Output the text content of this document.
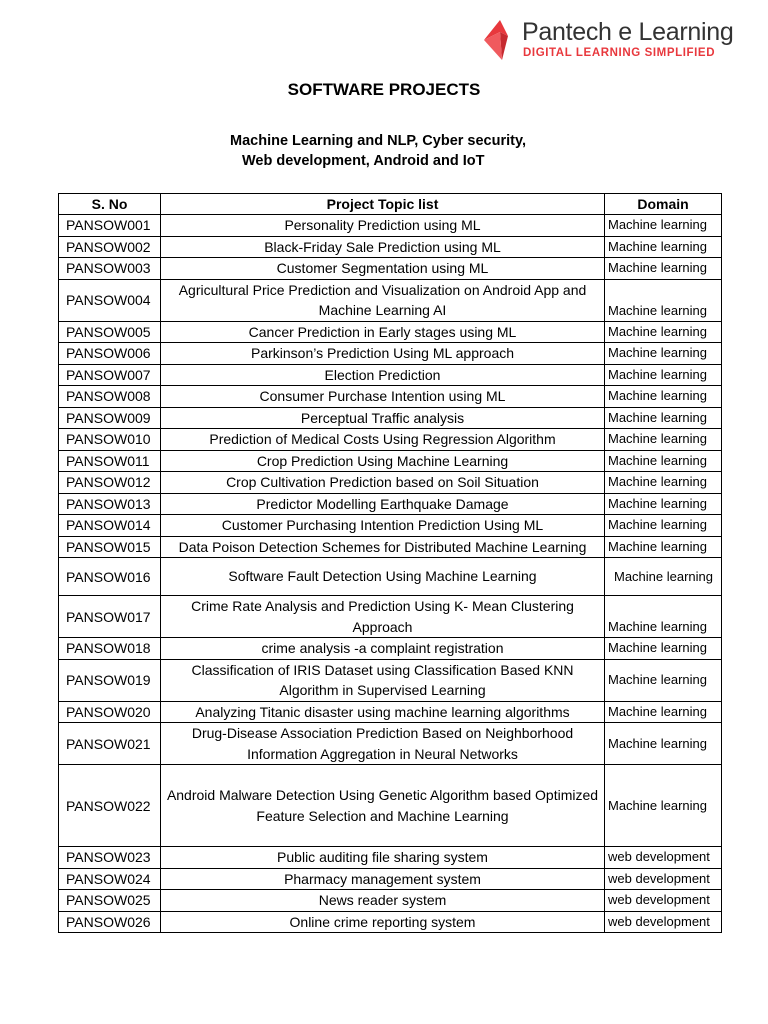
Pantech e Learning
DIGITAL LEARNING SIMPLIFIED
SOFTWARE PROJECTS
Machine Learning and NLP, Cyber security,
Web development, Android and IoT
S. No	Project Topic list	Domain
PANSOW001	Personality Prediction using ML	Machine learning
PANSOW002	Black-Friday Sale Prediction using ML	Machine learning
PANSOW003	Customer Segmentation using ML	Machine learning
PANSOW004	Agricultural Price Prediction and Visualization on Android App and Machine Learning AI	Machine learning
PANSOW005	Cancer Prediction in Early stages using ML	Machine learning
PANSOW006	Parkinson’s Prediction Using ML approach	Machine learning
PANSOW007	Election Prediction	Machine learning
PANSOW008	Consumer Purchase Intention using ML	Machine learning
PANSOW009	Perceptual Traffic analysis	Machine learning
PANSOW010	Prediction of Medical Costs Using Regression Algorithm	Machine learning
PANSOW011	Crop Prediction Using Machine Learning	Machine learning
PANSOW012	Crop Cultivation Prediction based on Soil Situation	Machine learning
PANSOW013	Predictor Modelling Earthquake Damage	Machine learning
PANSOW014	Customer Purchasing Intention Prediction Using ML	Machine learning
PANSOW015	Data Poison Detection Schemes for Distributed Machine Learning	Machine learning
PANSOW016	Software Fault Detection Using Machine Learning	Machine learning
PANSOW017	Crime Rate Analysis and Prediction Using K- Mean Clustering Approach	Machine learning
PANSOW018	crime analysis -a complaint registration	Machine learning
PANSOW019	Classification of IRIS Dataset using Classification Based KNN Algorithm in Supervised Learning	Machine learning
PANSOW020	Analyzing Titanic disaster using machine learning algorithms	Machine learning
PANSOW021	Drug-Disease Association Prediction Based on Neighborhood Information Aggregation in Neural Networks	Machine learning
PANSOW022	Android Malware Detection Using Genetic Algorithm based Optimized Feature Selection and Machine Learning	Machine learning
PANSOW023	Public auditing file sharing system	web development
PANSOW024	Pharmacy management system	web development
PANSOW025	News reader system	web development
PANSOW026	Online crime reporting system	web development
